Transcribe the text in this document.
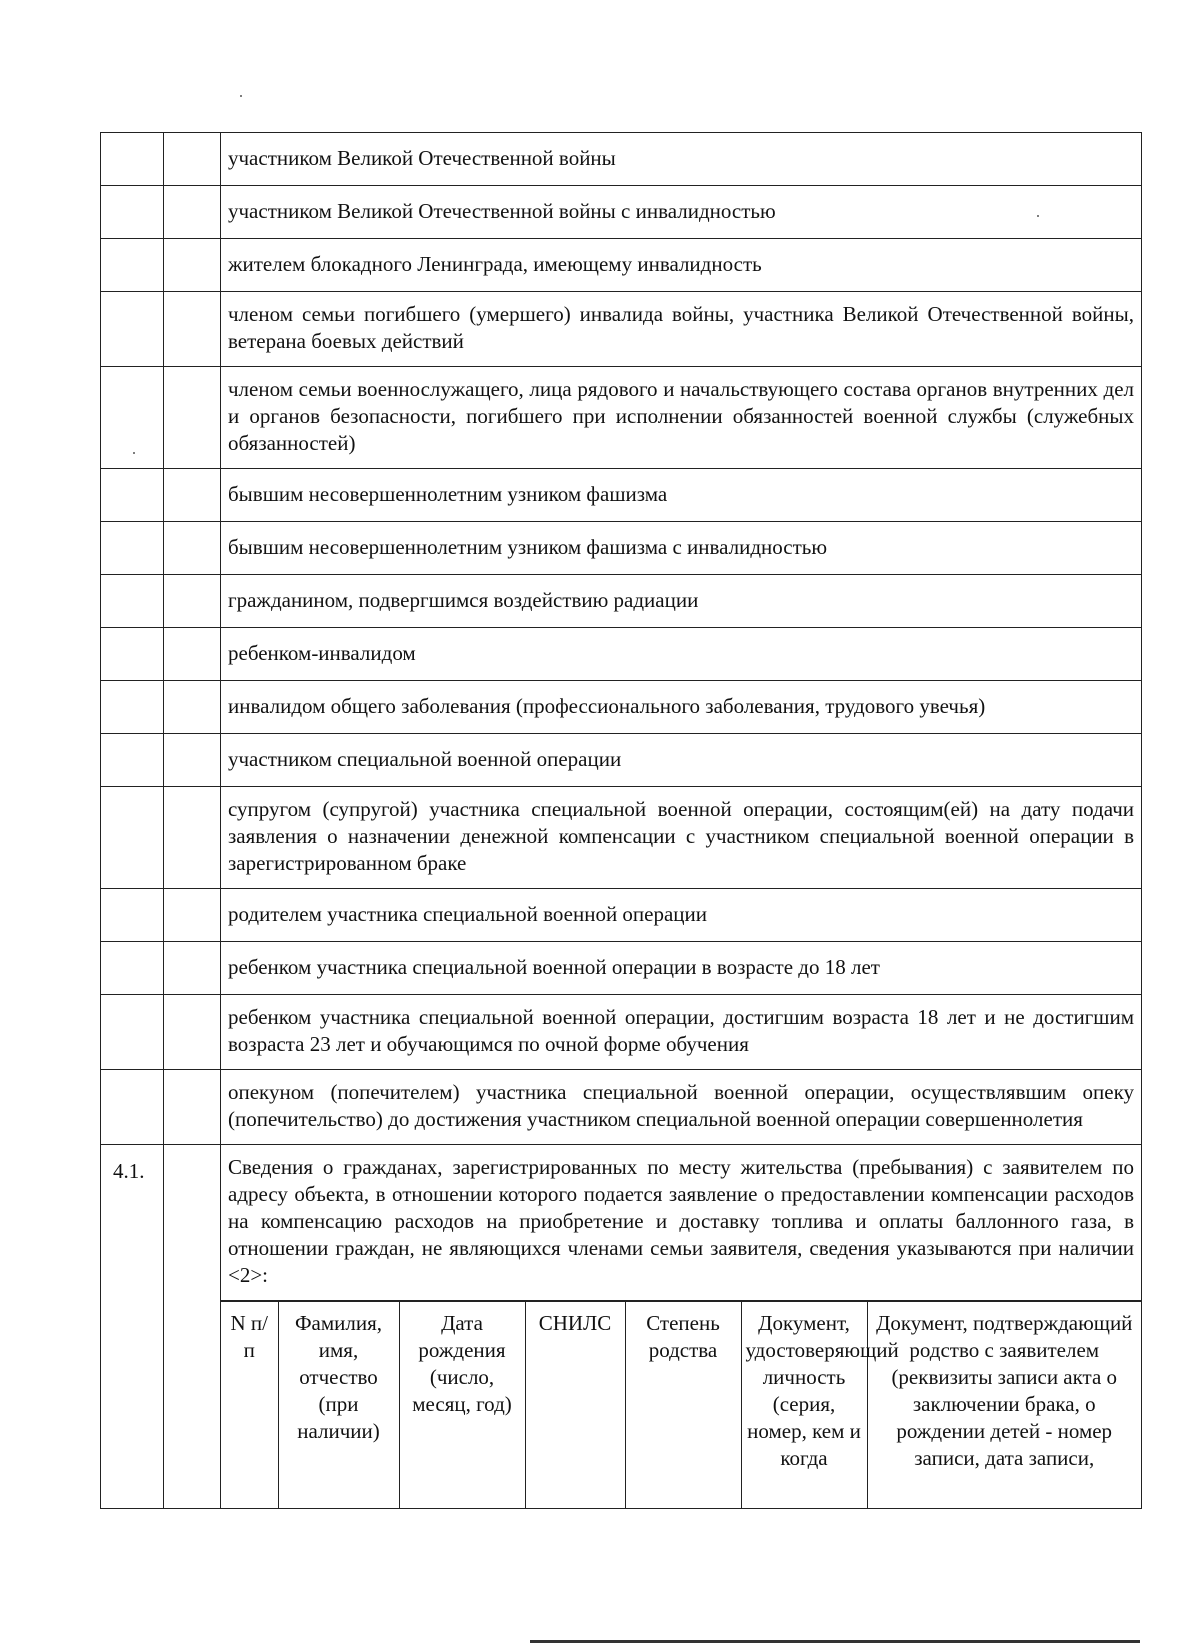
участником Великой Отечественной войны

участником Великой Отечественной войны с инвалидностью

жителем блокадного Ленинграда, имеющему инвалидность

членом семьи погибшего (умершего) инвалида войны, участника Великой Отечественной войны, ветерана боевых действий

членом семьи военнослужащего, лица рядового и начальствующего состава органов внутренних дел и органов безопасности, погибшего при исполнении обязанностей военной службы (служебных обязанностей)

бывшим несовершеннолетним узником фашизма

бывшим несовершеннолетним узником фашизма с инвалидностью

гражданином, подвергшимся воздействию радиации

ребенком-инвалидом

инвалидом общего заболевания (профессионального заболевания, трудового увечья)

участником специальной военной операции

супругом (супругой) участника специальной военной операции, состоящим(ей) на дату подачи заявления о назначении денежной компенсации с участником специальной военной операции в зарегистрированном браке

родителем участника специальной военной операции

ребенком участника специальной военной операции в возрасте до 18 лет

ребенком участника специальной военной операции, достигшим возраста 18 лет и не достигшим возраста 23 лет и обучающимся по очной форме обучения

опекуном (попечителем) участника специальной военной операции, осуществлявшим опеку (попечительство) до достижения участником специальной военной операции совершеннолетия

4.1.		Сведения о гражданах, зарегистрированных по месту жительства (пребывания) с заявителем по адресу объекта, в отношении которого подается заявление о предоставлении компенсации расходов на компенсацию расходов на приобретение и доставку топлива и оплаты баллонного газа, в отношении граждан, не являющихся членами семьи заявителя, сведения указываются при наличии <2>:

N п/п	Фамилия, имя, отчество (при наличии)	Дата рождения (число, месяц, год)	СНИЛС	Степень родства	Документ, удостоверяющий личность (серия, номер, кем и когда	Документ, подтверждающий родство с заявителем (реквизиты записи акта о заключении брака, о рождении детей - номер записи, дата записи,
